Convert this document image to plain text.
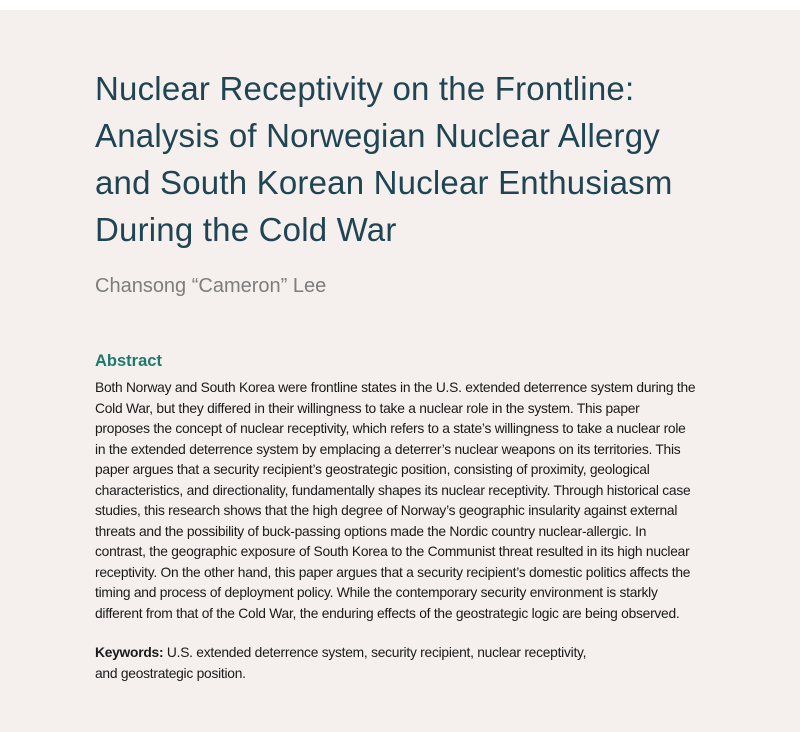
Nuclear Receptivity on the Frontline:
Analysis of Norwegian Nuclear Allergy
and South Korean Nuclear Enthusiasm
During the Cold War
Chansong “Cameron” Lee
Abstract
Both Norway and South Korea were frontline states in the U.S. extended deterrence system during the
Cold War, but they differed in their willingness to take a nuclear role in the system. This paper
proposes the concept of nuclear receptivity, which refers to a state’s willingness to take a nuclear role
in the extended deterrence system by emplacing a deterrer’s nuclear weapons on its territories. This
paper argues that a security recipient’s geostrategic position, consisting of proximity, geological
characteristics, and directionality, fundamentally shapes its nuclear receptivity. Through historical case
studies, this research shows that the high degree of Norway’s geographic insularity against external
threats and the possibility of buck-passing options made the Nordic country nuclear-allergic. In
contrast, the geographic exposure of South Korea to the Communist threat resulted in its high nuclear
receptivity. On the other hand, this paper argues that a security recipient’s domestic politics affects the
timing and process of deployment policy. While the contemporary security environment is starkly
different from that of the Cold War, the enduring effects of the geostrategic logic are being observed.
Keywords: U.S. extended deterrence system, security recipient, nuclear receptivity,
and geostrategic position.
